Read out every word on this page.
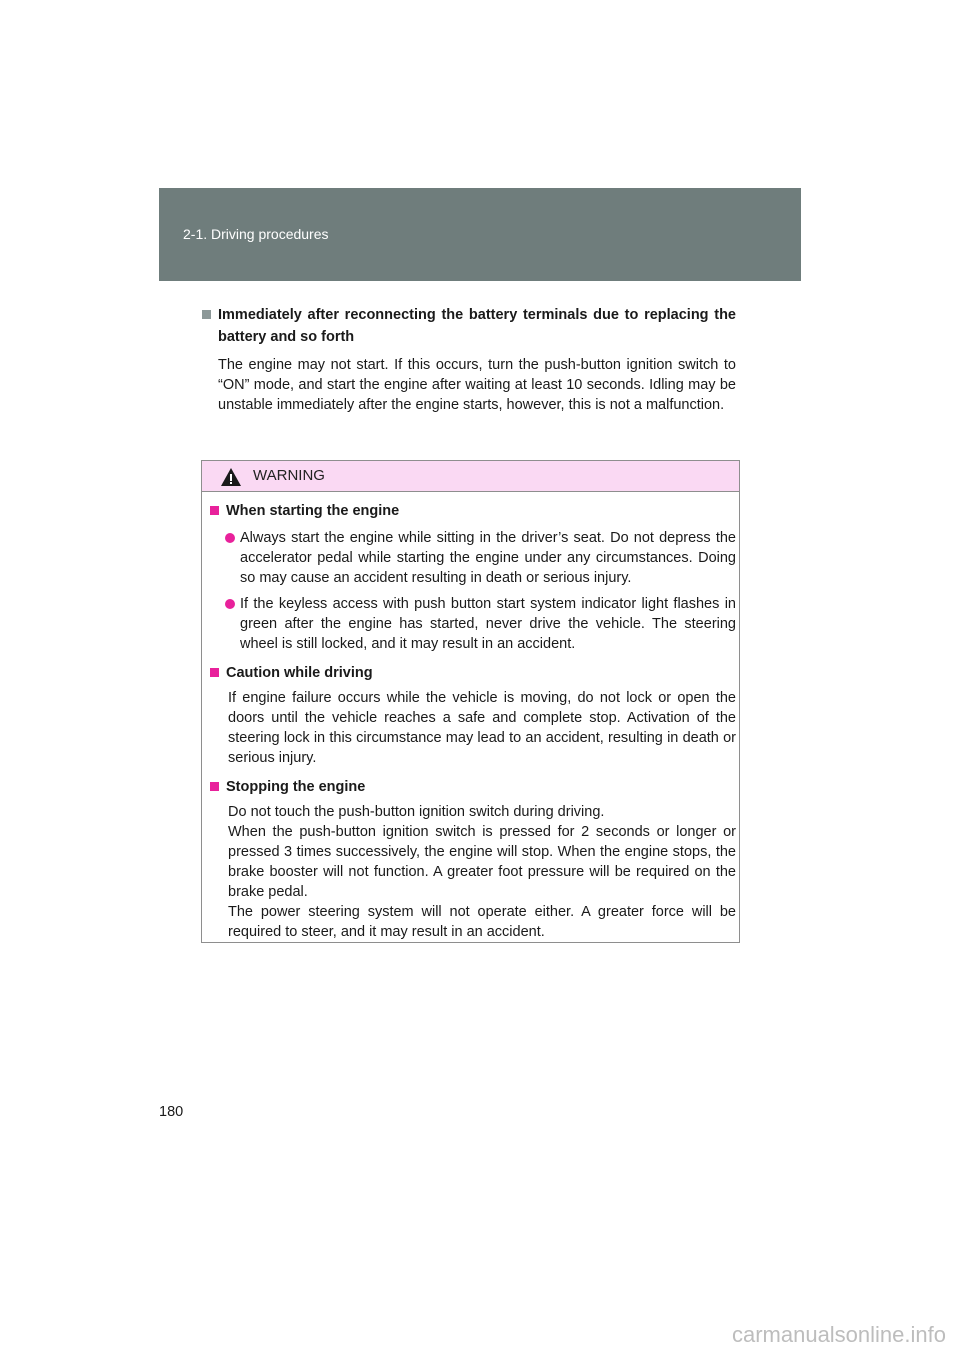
2-1. Driving procedures
Immediately after reconnecting the battery terminals due to replacing the battery and so forth
The engine may not start. If this occurs, turn the push-button ignition switch to “ON” mode, and start the engine after waiting at least 10 seconds. Idling may be unstable immediately after the engine starts, however, this is not a malfunction.
WARNING
When starting the engine
Always start the engine while sitting in the driver’s seat. Do not depress the accelerator pedal while starting the engine under any circumstances. Doing so may cause an accident resulting in death or serious injury.
If the keyless access with push button start system indicator light flashes in green after the engine has started, never drive the vehicle. The steering wheel is still locked, and it may result in an accident.
Caution while driving
If engine failure occurs while the vehicle is moving, do not lock or open the doors until the vehicle reaches a safe and complete stop. Activation of the steering lock in this circumstance may lead to an accident, resulting in death or serious injury.
Stopping the engine
Do not touch the push-button ignition switch during driving.
When the push-button ignition switch is pressed for 2 seconds or longer or pressed 3 times successively, the engine will stop. When the engine stops, the brake booster will not function. A greater foot pressure will be required on the brake pedal.
The power steering system will not operate either. A greater force will be required to steer, and it may result in an accident.
180
carmanualsonline.info
